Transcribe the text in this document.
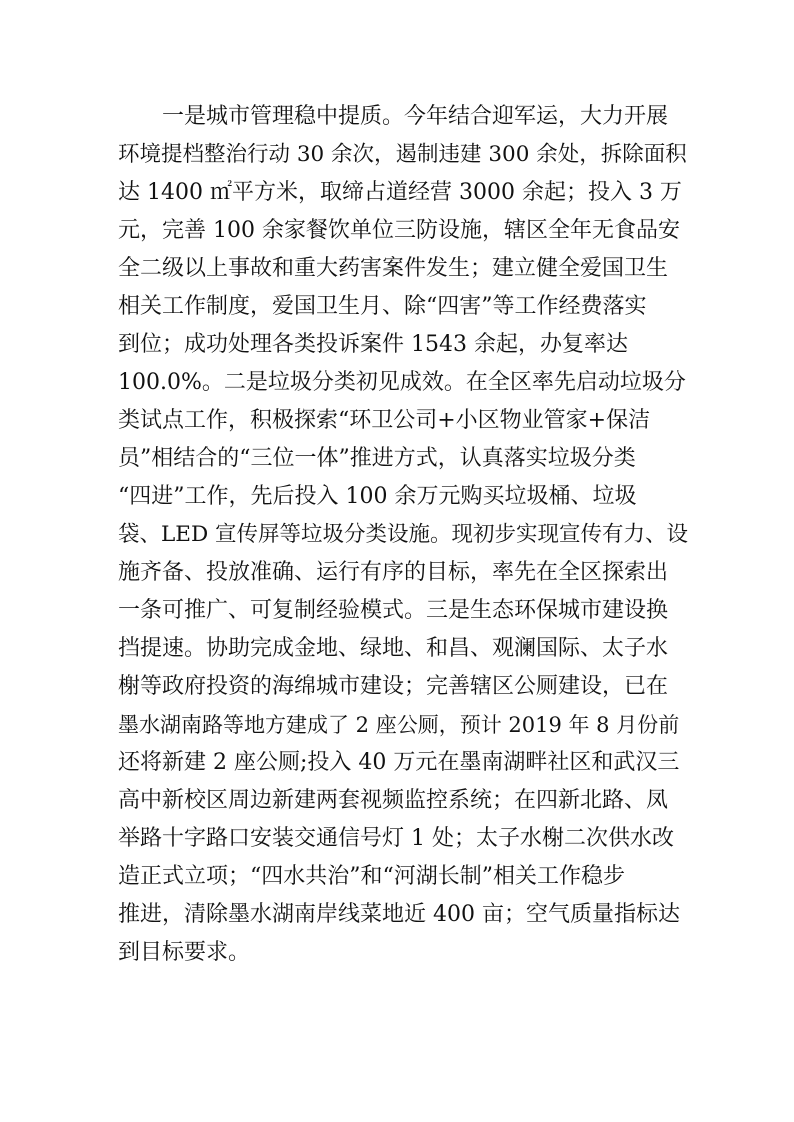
　　一是城市管理稳中提质。今年结合迎军运，大力开展
环境提档整治行动 30 余次，遏制违建 300 余处，拆除面积
达 1400 ㎡平方米，取缔占道经营 3000 余起；投入 3 万
元，完善 100 余家餐饮单位三防设施，辖区全年无食品安
全二级以上事故和重大药害案件发生；建立健全爱国卫生
相关工作制度，爱国卫生月、除“四害”等工作经费落实
到位；成功处理各类投诉案件 1543 余起，办复率达
100.0%。二是垃圾分类初见成效。在全区率先启动垃圾分
类试点工作，积极探索“环卫公司+小区物业管家+保洁
员”相结合的“三位一体”推进方式，认真落实垃圾分类
“四进”工作，先后投入 100 余万元购买垃圾桶、垃圾
袋、LED 宣传屏等垃圾分类设施。现初步实现宣传有力、设
施齐备、投放准确、运行有序的目标，率先在全区探索出
一条可推广、可复制经验模式。三是生态环保城市建设换
挡提速。协助完成金地、绿地、和昌、观澜国际、太子水
榭等政府投资的海绵城市建设；完善辖区公厕建设，已在
墨水湖南路等地方建成了 2 座公厕，预计 2019 年 8 月份前
还将新建 2 座公厕;投入 40 万元在墨南湖畔社区和武汉三
高中新校区周边新建两套视频监控系统；在四新北路、凤
举路十字路口安装交通信号灯 1 处；太子水榭二次供水改
造正式立项；“四水共治”和“河湖长制”相关工作稳步
推进，清除墨水湖南岸线菜地近 400 亩；空气质量指标达
到目标要求。
